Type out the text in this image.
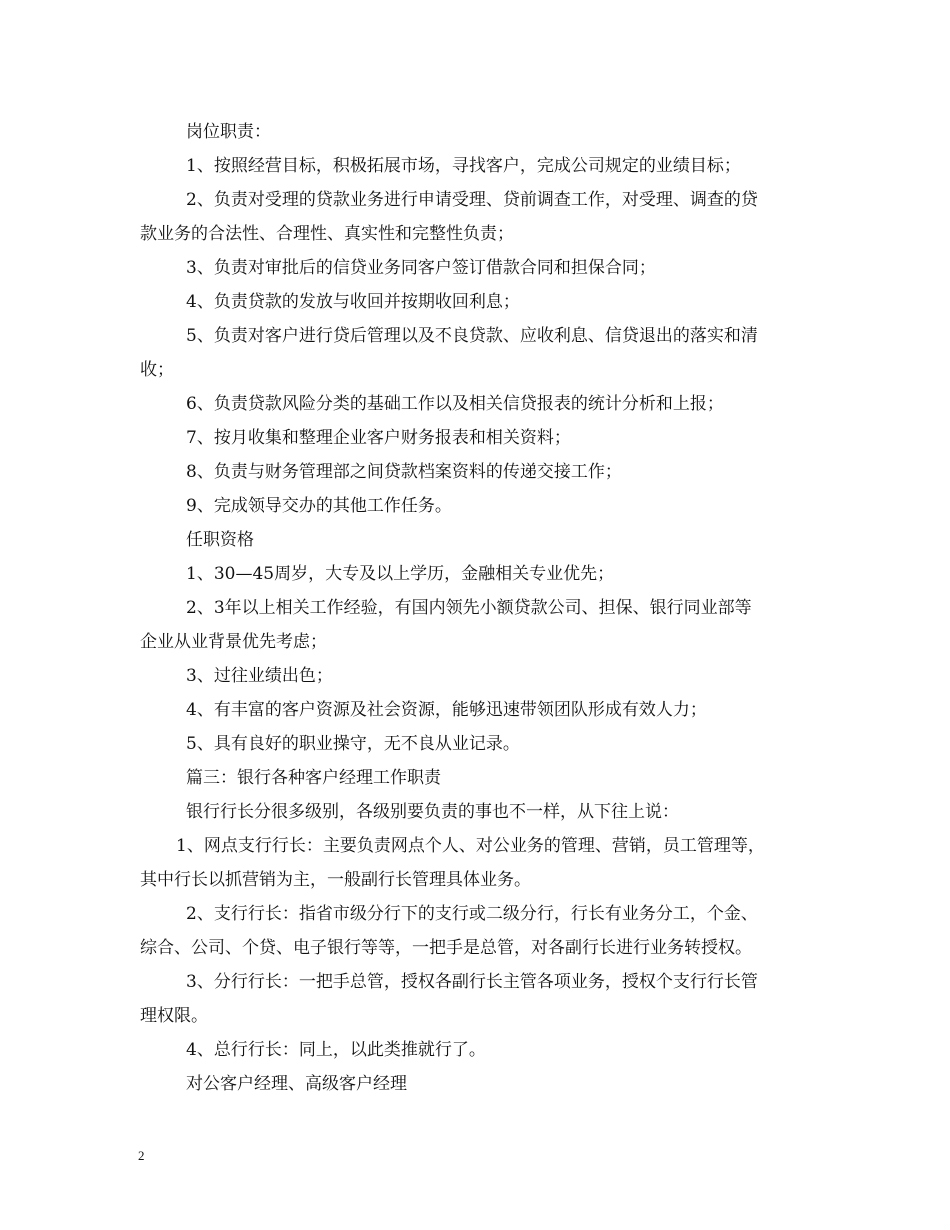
岗位职责：
1、按照经营目标，积极拓展市场，寻找客户，完成公司规定的业绩目标；
2、负责对受理的贷款业务进行申请受理、贷前调查工作，对受理、调查的贷
款业务的合法性、合理性、真实性和完整性负责；
3、负责对审批后的信贷业务同客户签订借款合同和担保合同；
4、负责贷款的发放与收回并按期收回利息；
5、负责对客户进行贷后管理以及不良贷款、应收利息、信贷退出的落实和清
收；
6、负责贷款风险分类的基础工作以及相关信贷报表的统计分析和上报；
7、按月收集和整理企业客户财务报表和相关资料；
8、负责与财务管理部之间贷款档案资料的传递交接工作；
9、完成领导交办的其他工作任务。
任职资格
1、30—45周岁，大专及以上学历，金融相关专业优先；
2、3年以上相关工作经验，有国内领先小额贷款公司、担保、银行同业部等
企业从业背景优先考虑；
3、过往业绩出色；
4、有丰富的客户资源及社会资源，能够迅速带领团队形成有效人力；
5、具有良好的职业操守，无不良从业记录。
篇三：银行各种客户经理工作职责
银行行长分很多级别，各级别要负责的事也不一样，从下往上说：
1、网点支行行长：主要负责网点个人、对公业务的管理、营销，员工管理等，
其中行长以抓营销为主，一般副行长管理具体业务。
2、支行行长：指省市级分行下的支行或二级分行，行长有业务分工，个金、
综合、公司、个贷、电子银行等等，一把手是总管，对各副行长进行业务转授权。
3、分行行长：一把手总管，授权各副行长主管各项业务，授权个支行行长管
理权限。
4、总行行长：同上，以此类推就行了。
对公客户经理、高级客户经理
2
